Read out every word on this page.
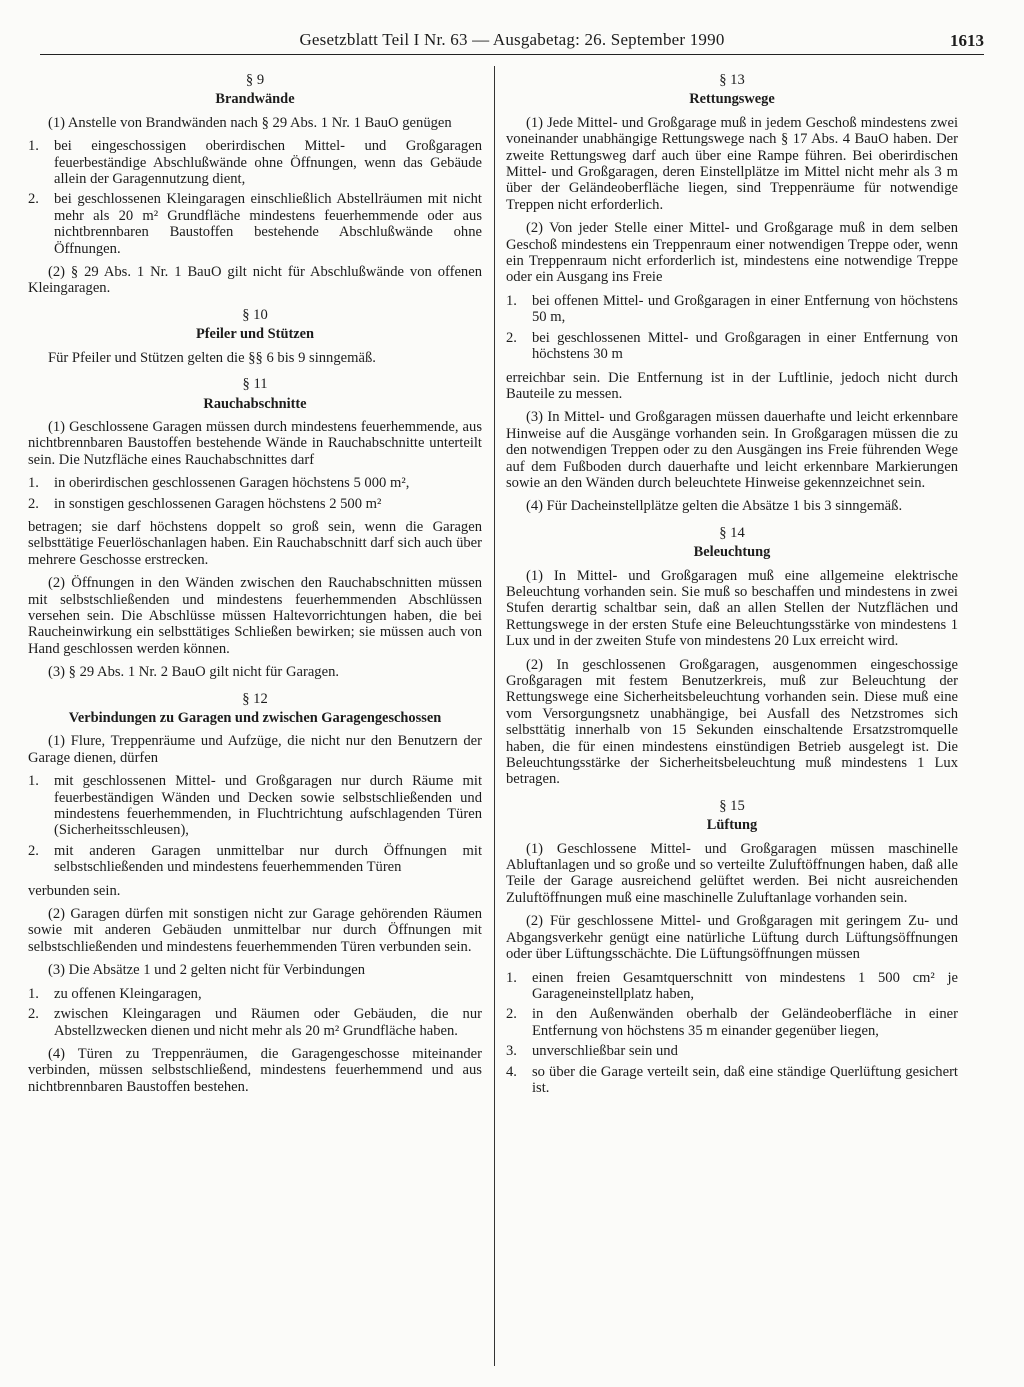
Gesetzblatt Teil I Nr. 63 — Ausgabetag: 26. September 1990	1613
§ 9
Brandwände

(1) Anstelle von Brandwänden nach § 29 Abs. 1 Nr. 1 BauO genügen

1. bei eingeschossigen oberirdischen Mittel- und Großgaragen feuerbeständige Abschlußwände ohne Öffnungen, wenn das Gebäude allein der Garagennutzung dient,
2. bei geschlossenen Kleingaragen einschließlich Abstellräumen mit nicht mehr als 20 m² Grundfläche mindestens feuerhemmende oder aus nichtbrennbaren Baustoffen bestehende Abschlußwände ohne Öffnungen.

(2) § 29 Abs. 1 Nr. 1 BauO gilt nicht für Abschlußwände von offenen Kleingaragen.

§ 10
Pfeiler und Stützen

Für Pfeiler und Stützen gelten die §§ 6 bis 9 sinngemäß.

§ 11
Rauchabschnitte

(1) Geschlossene Garagen müssen durch mindestens feuerhemmende, aus nichtbrennbaren Baustoffen bestehende Wände in Rauchabschnitte unterteilt sein. Die Nutzfläche eines Rauchabschnittes darf

1. in oberirdischen geschlossenen Garagen höchstens 5 000 m²,
2. in sonstigen geschlossenen Garagen höchstens 2 500 m²

betragen; sie darf höchstens doppelt so groß sein, wenn die Garagen selbsttätige Feuerlöschanlagen haben. Ein Rauchabschnitt darf sich auch über mehrere Geschosse erstrecken.

(2) Öffnungen in den Wänden zwischen den Rauchabschnitten müssen mit selbstschließenden und mindestens feuerhemmenden Abschlüssen versehen sein. Die Abschlüsse müssen Haltevorrichtungen haben, die bei Raucheinwirkung ein selbsttätiges Schließen bewirken; sie müssen auch von Hand geschlossen werden können.

(3) § 29 Abs. 1 Nr. 2 BauO gilt nicht für Garagen.

§ 12
Verbindungen zu Garagen und zwischen Garagengeschossen

(1) Flure, Treppenräume und Aufzüge, die nicht nur den Benutzern der Garage dienen, dürfen

1. mit geschlossenen Mittel- und Großgaragen nur durch Räume mit feuerbeständigen Wänden und Decken sowie selbstschließenden und mindestens feuerhemmenden, in Fluchtrichtung aufschlagenden Türen (Sicherheitsschleusen),
2. mit anderen Garagen unmittelbar nur durch Öffnungen mit selbstschließenden und mindestens feuerhemmenden Türen

verbunden sein.

(2) Garagen dürfen mit sonstigen nicht zur Garage gehörenden Räumen sowie mit anderen Gebäuden unmittelbar nur durch Öffnungen mit selbstschließenden und mindestens feuerhemmenden Türen verbunden sein.

(3) Die Absätze 1 und 2 gelten nicht für Verbindungen

1. zu offenen Kleingaragen,
2. zwischen Kleingaragen und Räumen oder Gebäuden, die nur Abstellzwecken dienen und nicht mehr als 20 m² Grundfläche haben.

(4) Türen zu Treppenräumen, die Garagengeschosse miteinander verbinden, müssen selbstschließend, mindestens feuerhemmend und aus nichtbrennbaren Baustoffen bestehen.

§ 13
Rettungswege

(1) Jede Mittel- und Großgarage muß in jedem Geschoß mindestens zwei voneinander unabhängige Rettungswege nach § 17 Abs. 4 BauO haben. Der zweite Rettungsweg darf auch über eine Rampe führen. Bei oberirdischen Mittel- und Großgaragen, deren Einstellplätze im Mittel nicht mehr als 3 m über der Geländeoberfläche liegen, sind Treppenräume für notwendige Treppen nicht erforderlich.

(2) Von jeder Stelle einer Mittel- und Großgarage muß in dem selben Geschoß mindestens ein Treppenraum einer notwendigen Treppe oder, wenn ein Treppenraum nicht erforderlich ist, mindestens eine notwendige Treppe oder ein Ausgang ins Freie

1. bei offenen Mittel- und Großgaragen in einer Entfernung von höchstens 50 m,
2. bei geschlossenen Mittel- und Großgaragen in einer Entfernung von höchstens 30 m

erreichbar sein. Die Entfernung ist in der Luftlinie, jedoch nicht durch Bauteile zu messen.

(3) In Mittel- und Großgaragen müssen dauerhafte und leicht erkennbare Hinweise auf die Ausgänge vorhanden sein. In Großgaragen müssen die zu den notwendigen Treppen oder zu den Ausgängen ins Freie führenden Wege auf dem Fußboden durch dauerhafte und leicht erkennbare Markierungen sowie an den Wänden durch beleuchtete Hinweise gekennzeichnet sein.

(4) Für Dacheinstellplätze gelten die Absätze 1 bis 3 sinngemäß.

§ 14
Beleuchtung

(1) In Mittel- und Großgaragen muß eine allgemeine elektrische Beleuchtung vorhanden sein. Sie muß so beschaffen und mindestens in zwei Stufen derartig schaltbar sein, daß an allen Stellen der Nutzflächen und Rettungswege in der ersten Stufe eine Beleuchtungsstärke von mindestens 1 Lux und in der zweiten Stufe von mindestens 20 Lux erreicht wird.

(2) In geschlossenen Großgaragen, ausgenommen eingeschossige Großgaragen mit festem Benutzerkreis, muß zur Beleuchtung der Rettungswege eine Sicherheitsbeleuchtung vorhanden sein. Diese muß eine vom Versorgungsnetz unabhängige, bei Ausfall des Netzstromes sich selbsttätig innerhalb von 15 Sekunden einschaltende Ersatzstromquelle haben, die für einen mindestens einstündigen Betrieb ausgelegt ist. Die Beleuchtungsstärke der Sicherheitsbeleuchtung muß mindestens 1 Lux betragen.

§ 15
Lüftung

(1) Geschlossene Mittel- und Großgaragen müssen maschinelle Abluftanlagen und so große und so verteilte Zuluftöffnungen haben, daß alle Teile der Garage ausreichend gelüftet werden. Bei nicht ausreichenden Zuluftöffnungen muß eine maschinelle Zuluftanlage vorhanden sein.

(2) Für geschlossene Mittel- und Großgaragen mit geringem Zu- und Abgangsverkehr genügt eine natürliche Lüftung durch Lüftungsöffnungen oder über Lüftungsschächte. Die Lüftungsöffnungen müssen

1. einen freien Gesamtquerschnitt von mindestens 1 500 cm² je Garageneinstellplatz haben,
2. in den Außenwänden oberhalb der Geländeoberfläche in einer Entfernung von höchstens 35 m einander gegenüber liegen,
3. unverschließbar sein und
4. so über die Garage verteilt sein, daß eine ständige Querlüftung gesichert ist.
